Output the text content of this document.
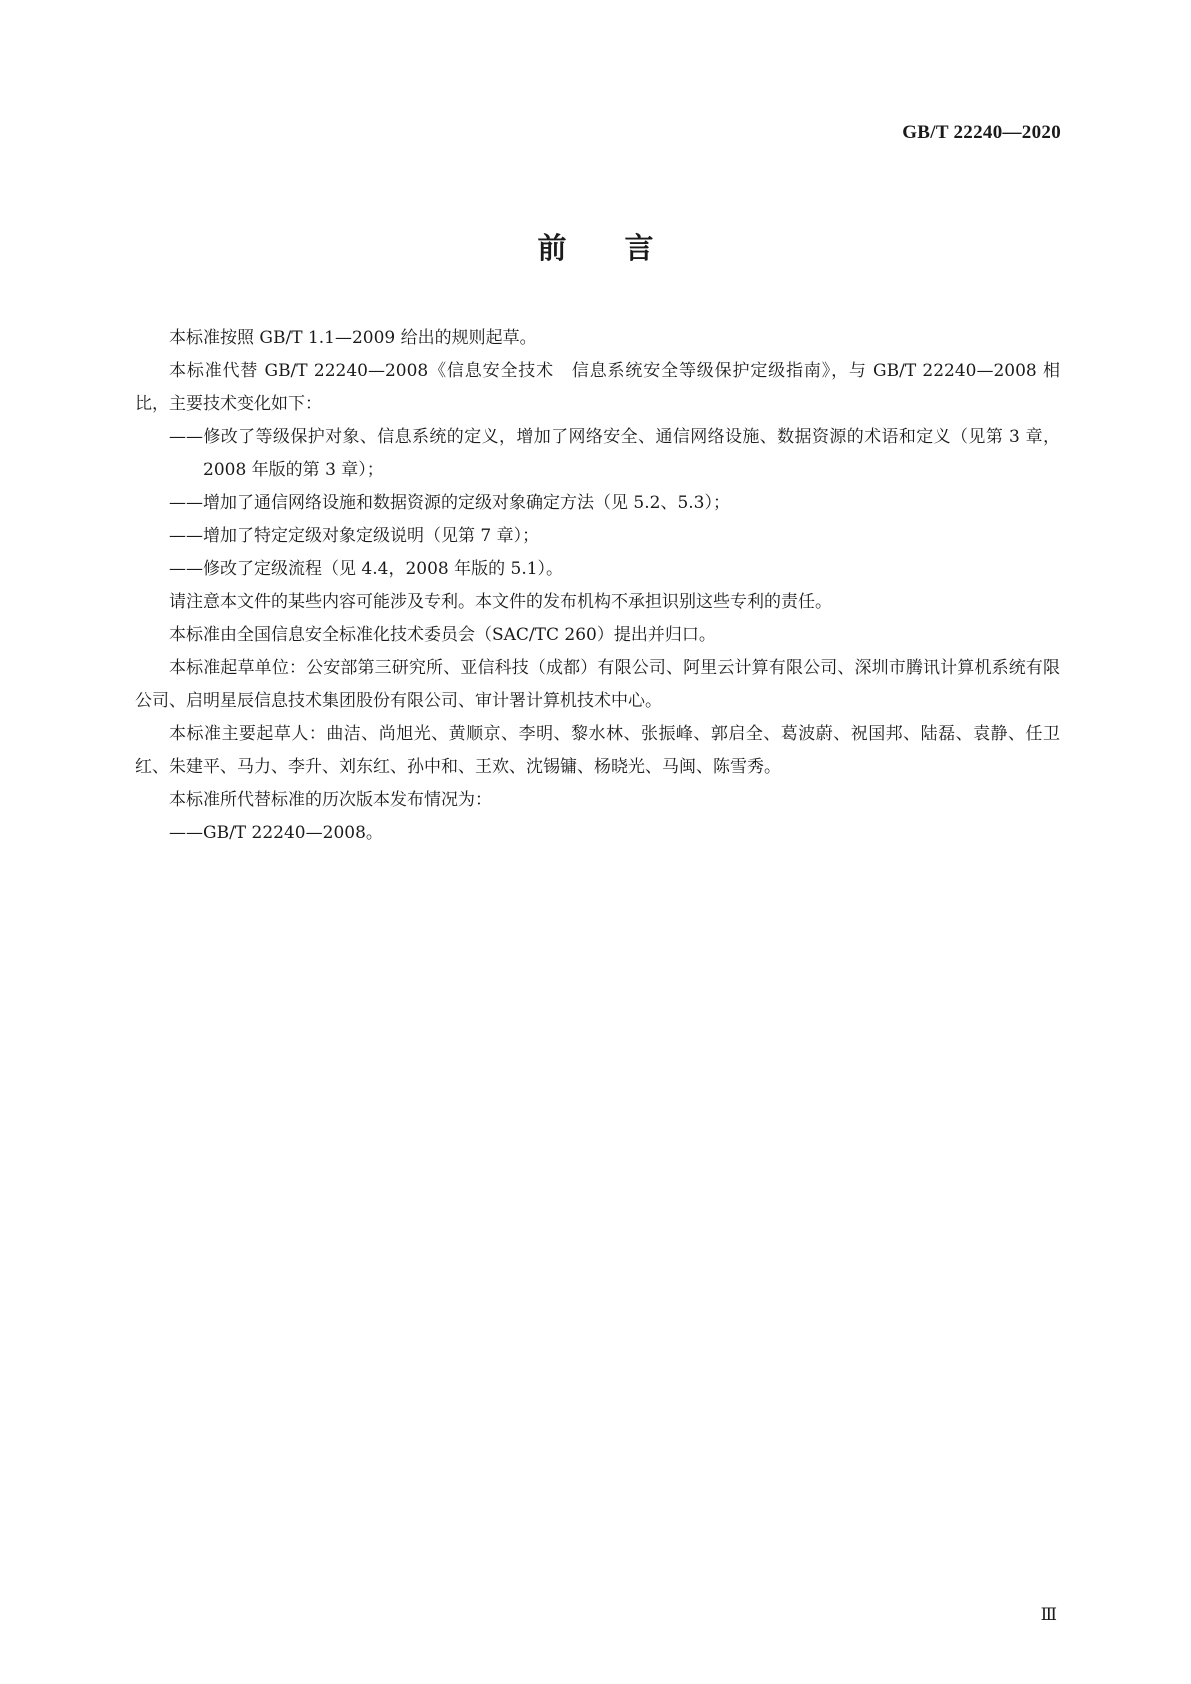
GB/T 22240—2020
前言

本标准按照 GB/T 1.1—2009 给出的规则起草。

本标准代替 GB/T 22240—2008《信息安全技术　信息系统安全等级保护定级指南》，与 GB/T 22240—2008 相比，主要技术变化如下：

——修改了等级保护对象、信息系统的定义，增加了网络安全、通信网络设施、数据资源的术语和定义（见第 3 章，2008 年版的第 3 章）；

——增加了通信网络设施和数据资源的定级对象确定方法（见 5.2、5.3）；

——增加了特定定级对象定级说明（见第 7 章）；

——修改了定级流程（见 4.4，2008 年版的 5.1）。

请注意本文件的某些内容可能涉及专利。本文件的发布机构不承担识别这些专利的责任。

本标准由全国信息安全标准化技术委员会（SAC/TC 260）提出并归口。

本标准起草单位：公安部第三研究所、亚信科技（成都）有限公司、阿里云计算有限公司、深圳市腾讯计算机系统有限公司、启明星辰信息技术集团股份有限公司、审计署计算机技术中心。

本标准主要起草人：曲洁、尚旭光、黄顺京、李明、黎水林、张振峰、郭启全、葛波蔚、祝国邦、陆磊、袁静、任卫红、朱建平、马力、李升、刘东红、孙中和、王欢、沈锡镛、杨晓光、马闽、陈雪秀。

本标准所代替标准的历次版本发布情况为：

——GB/T 22240—2008。

Ⅲ
